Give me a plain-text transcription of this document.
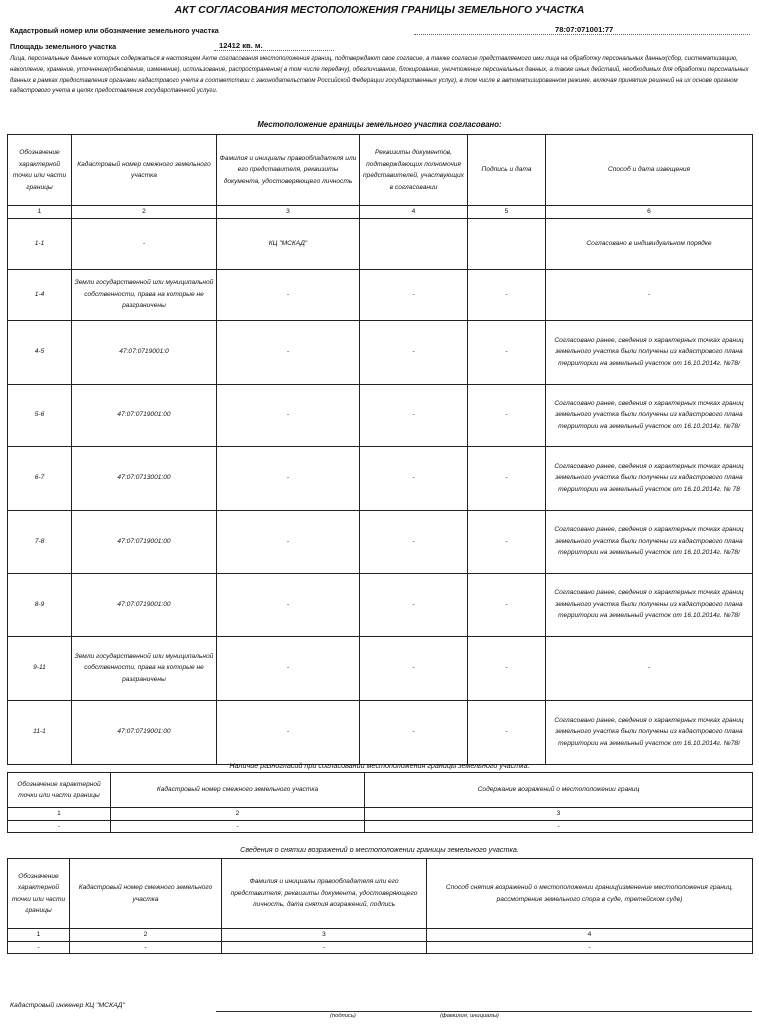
АКТ СОГЛАСОВАНИЯ МЕСТОПОЛОЖЕНИЯ ГРАНИЦЫ ЗЕМЕЛЬНОГО УЧАСТКА
Кадастровый номер или обозначение земельного участка	78:07:071001:77
Площадь земельного участка	12412 кв. м.
Лица, персональные данные которых содержаться в настоящем Акте согласования местоположения границ, подтверждают свое согласие, а также согласие представляемого ими лица на обработку персональных данных(сбор, систематизацию, накопление, хранение, уточнение(обновление, изменение), использование, распространение( в том числе передачу), обезличивание, блокирование, уничтожение персональных данных, а также иных действий, необходимых для обработки персональных данных в рамках предоставления органами кадастрового учета в соответствии с законодательством Российской Федерации государственных услуг), в том числе в автоматизированном режиме, включая принятие решений на их основе органом кадастрового учета в целях предоставления государственной услуги.
Местоположение границы земельного участка согласовано:
Обозначение характерной точки или части границы	Кадастровый номер смежного земельного участка	Фамилия и инициалы правообладателя или его представителя, реквизиты документа, удостоверяющего личность	Реквизиты документов, подтверждающих полномочия представителей, участвующих в согласовании	Подпись и дата	Способ и дата извещения
1	2	3	4	5	6
1-1	-	КЦ "МСКАД"			Согласовано в индивидуальном порядке
1-4	Земли государственной или муниципальной собственности, права на которые не разграничены	-	-	-	-
4-5	47:07:0719001:0	-	-	-	Согласовано ранее, сведения о характерных точках границ земельного участка были получены из кадастрового плана территории на земельный участок от 16.10.2014г. №78/
5-6	47:07:0719001:00	-	-	-	Согласовано ранее, сведения о характерных точках границ земельного участка были получены из кадастрового плана территории на земельный участок от 16.10.2014г. №78/
6-7	47:07:0713001:00	-	-	-	Согласовано ранее, сведения о характерных точках границ земельного участка были получены из кадастрового плана территории на земельный участок от 16.10.2014г. № 78
7-8	47:07:0719001:00	-	-	-	Согласовано ранее, сведения о характерных точках границ земельного участка были получены из кадастрового плана территории на земельный участок от 16.10.2014г. №78/
8-9	47:07:0719001:00	-	-	-	Согласовано ранее, сведения о характерных точках границ земельного участка были получены из кадастрового плана территории на земельный участок от 16.10.2014г. №78/
9-11	Земли государственной или муниципальной собственности, права на которые не разграничены	-	-	-	-
11-1	47:07:0719001:00	-	-	-	Согласовано ранее, сведения о характерных точках границ земельного участка были получены из кадастрового плана территории на земельный участок от 16.10.2014г. №78/
Наличие разногласий при согласовании местоположения границы земельного участка.
Обозначение характерной точки или части границы	Кадастровый номер смежного земельного участка	Содержание возражений о местоположении границ
1	2	3
-	-	-
Сведения о снятии возражений о местоположении границы земельного участка.
Обозначение характерной точки или части границы	Кадастровый номер смежного земельного участка	Фамилия и инициалы правообладателя или его представителя, реквизиты документа, удостоверяющего личность, дата снятия возражений, подпись	Способ снятия возражений о местоположении границ(изменение местоположения границ, рассмотрение земельного спора в суде, третейском суде)
1	2	3	4
-	-	-	-
Кадастровый инженер КЦ "МСКАД"
(подпись)	(фамилия, инициалы)
